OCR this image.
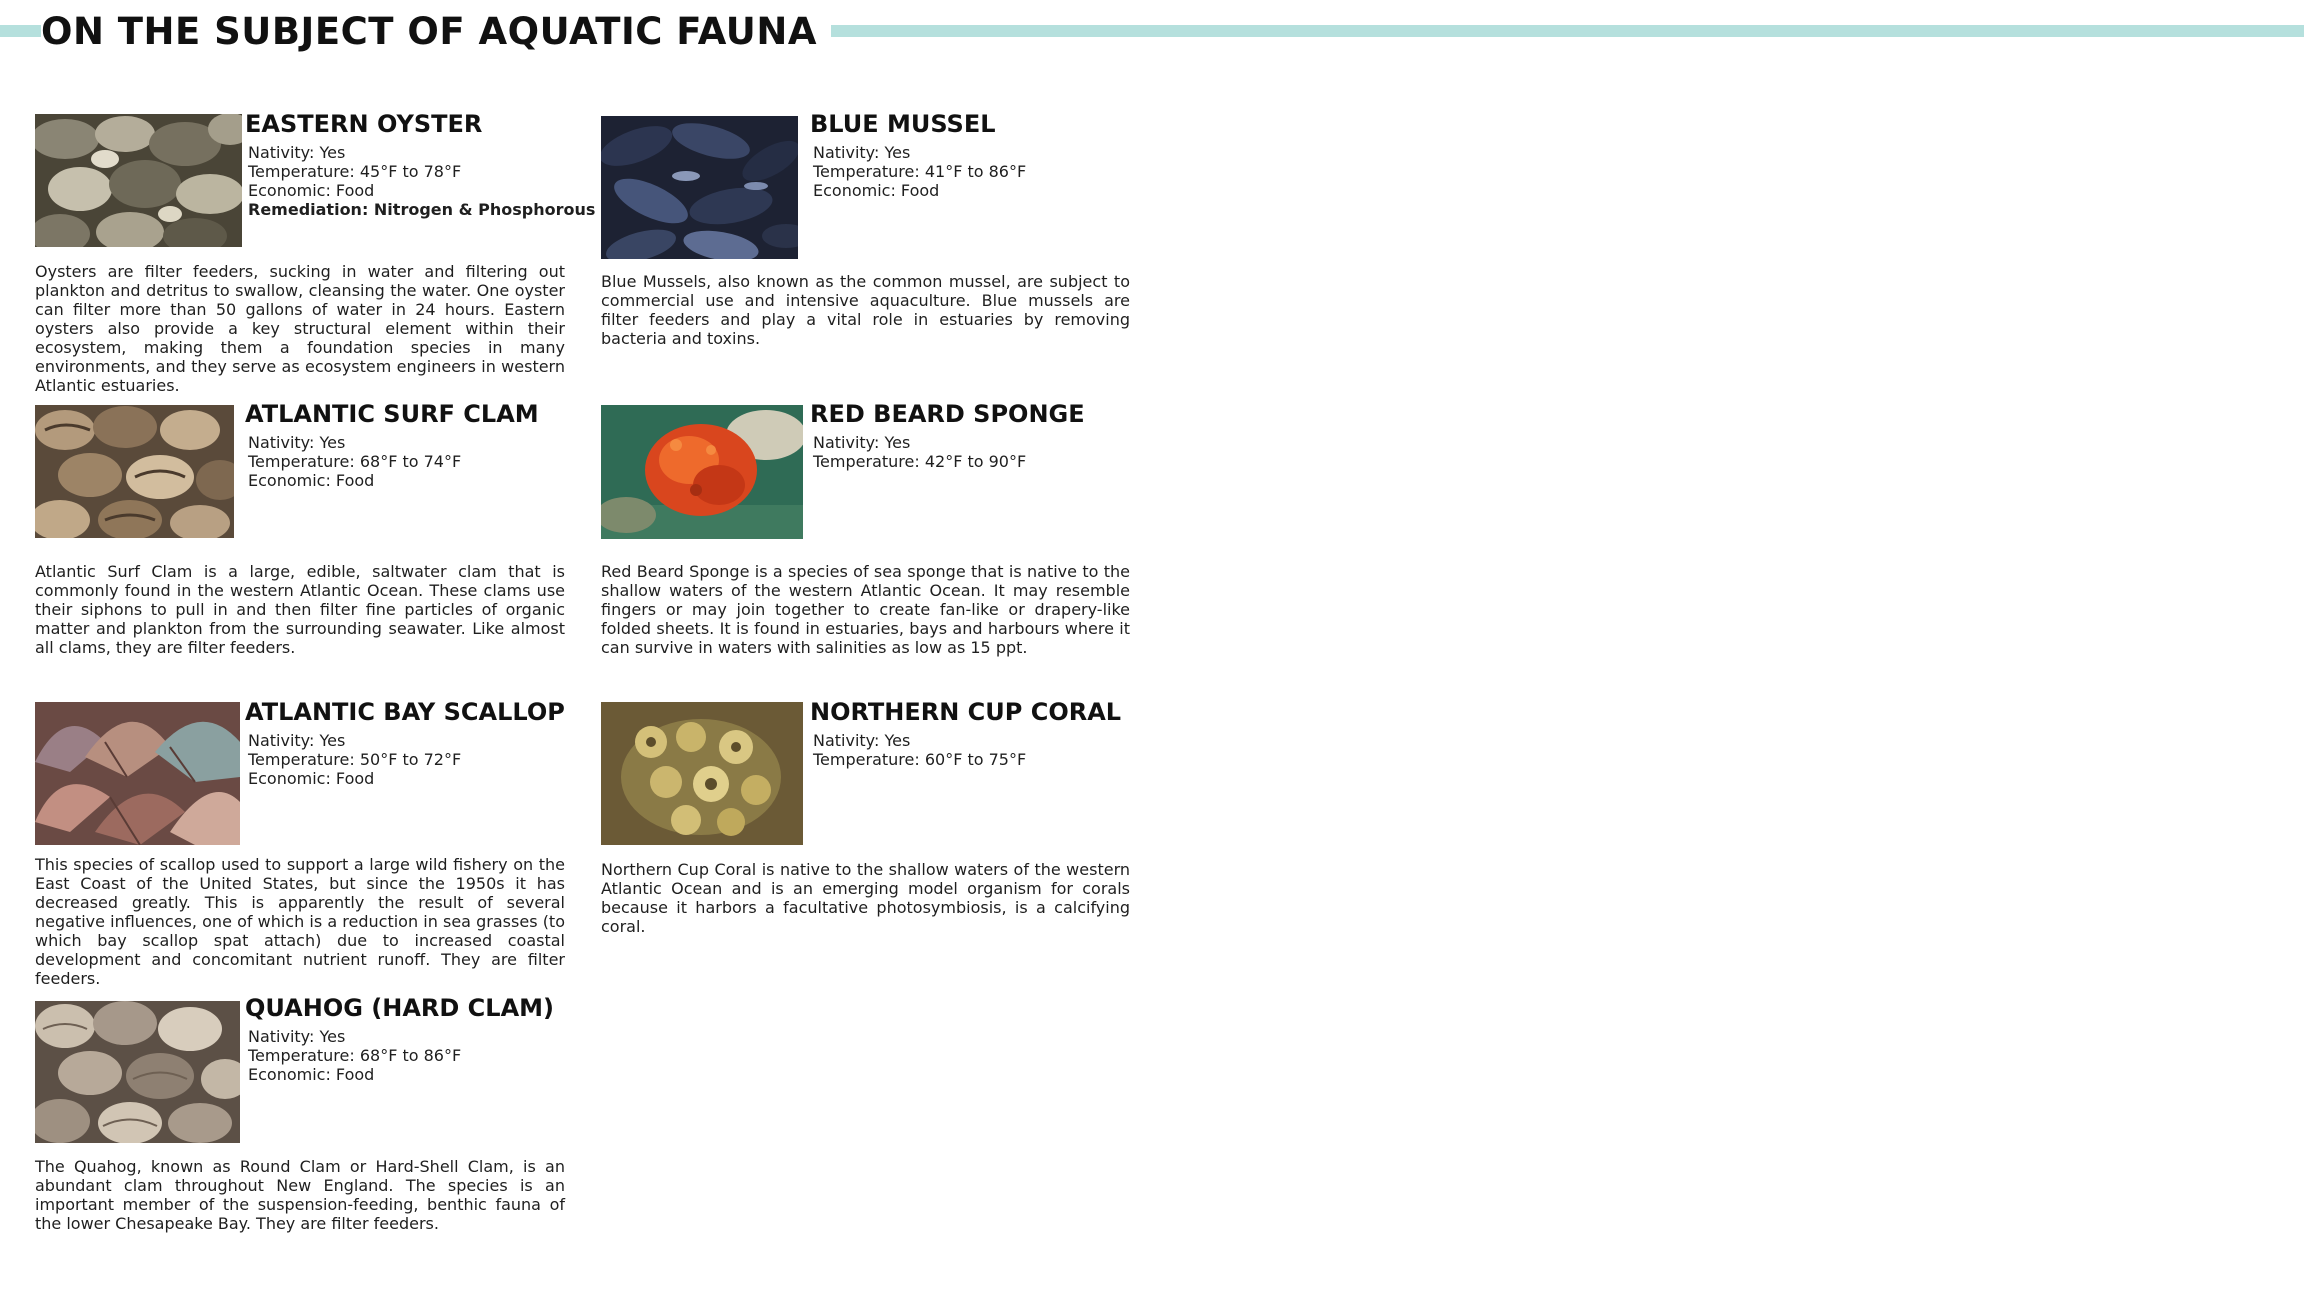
ON THE SUBJECT OF AQUATIC FAUNA
EASTERN OYSTER
Nativity: Yes
Temperature: 45°F to 78°F
Economic: Food
Remediation: Nitrogen & Phosphorous

Oysters are filter feeders, sucking in water and filtering out plankton and detritus to swallow, cleansing the water. One oyster can filter more than 50 gallons of water in 24 hours. Eastern oysters also provide a key structural element within their ecosystem, making them a foundation species in many environments, and they serve as ecosystem engineers in western Atlantic estuaries.

BLUE MUSSEL
Nativity: Yes
Temperature: 41°F to 86°F
Economic: Food

Blue Mussels, also known as the common mussel, are subject to commercial use and intensive aquaculture. Blue mussels are filter feeders and play a vital role in estuaries by removing bacteria and toxins.

ATLANTIC SURF CLAM
Nativity: Yes
Temperature: 68°F to 74°F
Economic: Food

Atlantic Surf Clam is a large, edible, saltwater clam that is commonly found in the western Atlantic Ocean. These clams use their siphons to pull in and then filter fine particles of organic matter and plankton from the surrounding seawater. Like almost all clams, they are filter feeders.

RED BEARD SPONGE
Nativity: Yes
Temperature: 42°F to 90°F

Red Beard Sponge is a species of sea sponge that is native to the shallow waters of the western Atlantic Ocean. It may resemble fingers or may join together to create fan-like or drapery-like folded sheets. It is found in estuaries, bays and harbours where it can survive in waters with salinities as low as 15 ppt.

ATLANTIC BAY SCALLOP
Nativity: Yes
Temperature: 50°F to 72°F
Economic: Food

This species of scallop used to support a large wild fishery on the East Coast of the United States, but since the 1950s it has decreased greatly. This is apparently the result of several negative influences, one of which is a reduction in sea grasses (to which bay scallop spat attach) due to increased coastal development and concomitant nutrient runoff. They are filter feeders.

NORTHERN CUP CORAL
Nativity: Yes
Temperature: 60°F to 75°F

Northern Cup Coral is native to the shallow waters of the western Atlantic Ocean and is an emerging model organism for corals because it harbors a facultative photosymbiosis, is a calcifying coral.

QUAHOG (HARD CLAM)
Nativity: Yes
Temperature: 68°F to 86°F
Economic: Food

The Quahog, known as Round Clam or Hard-Shell Clam, is an abundant clam throughout New England. The species is an important member of the suspension-feeding, benthic fauna of the lower Chesapeake Bay. They are filter feeders.
